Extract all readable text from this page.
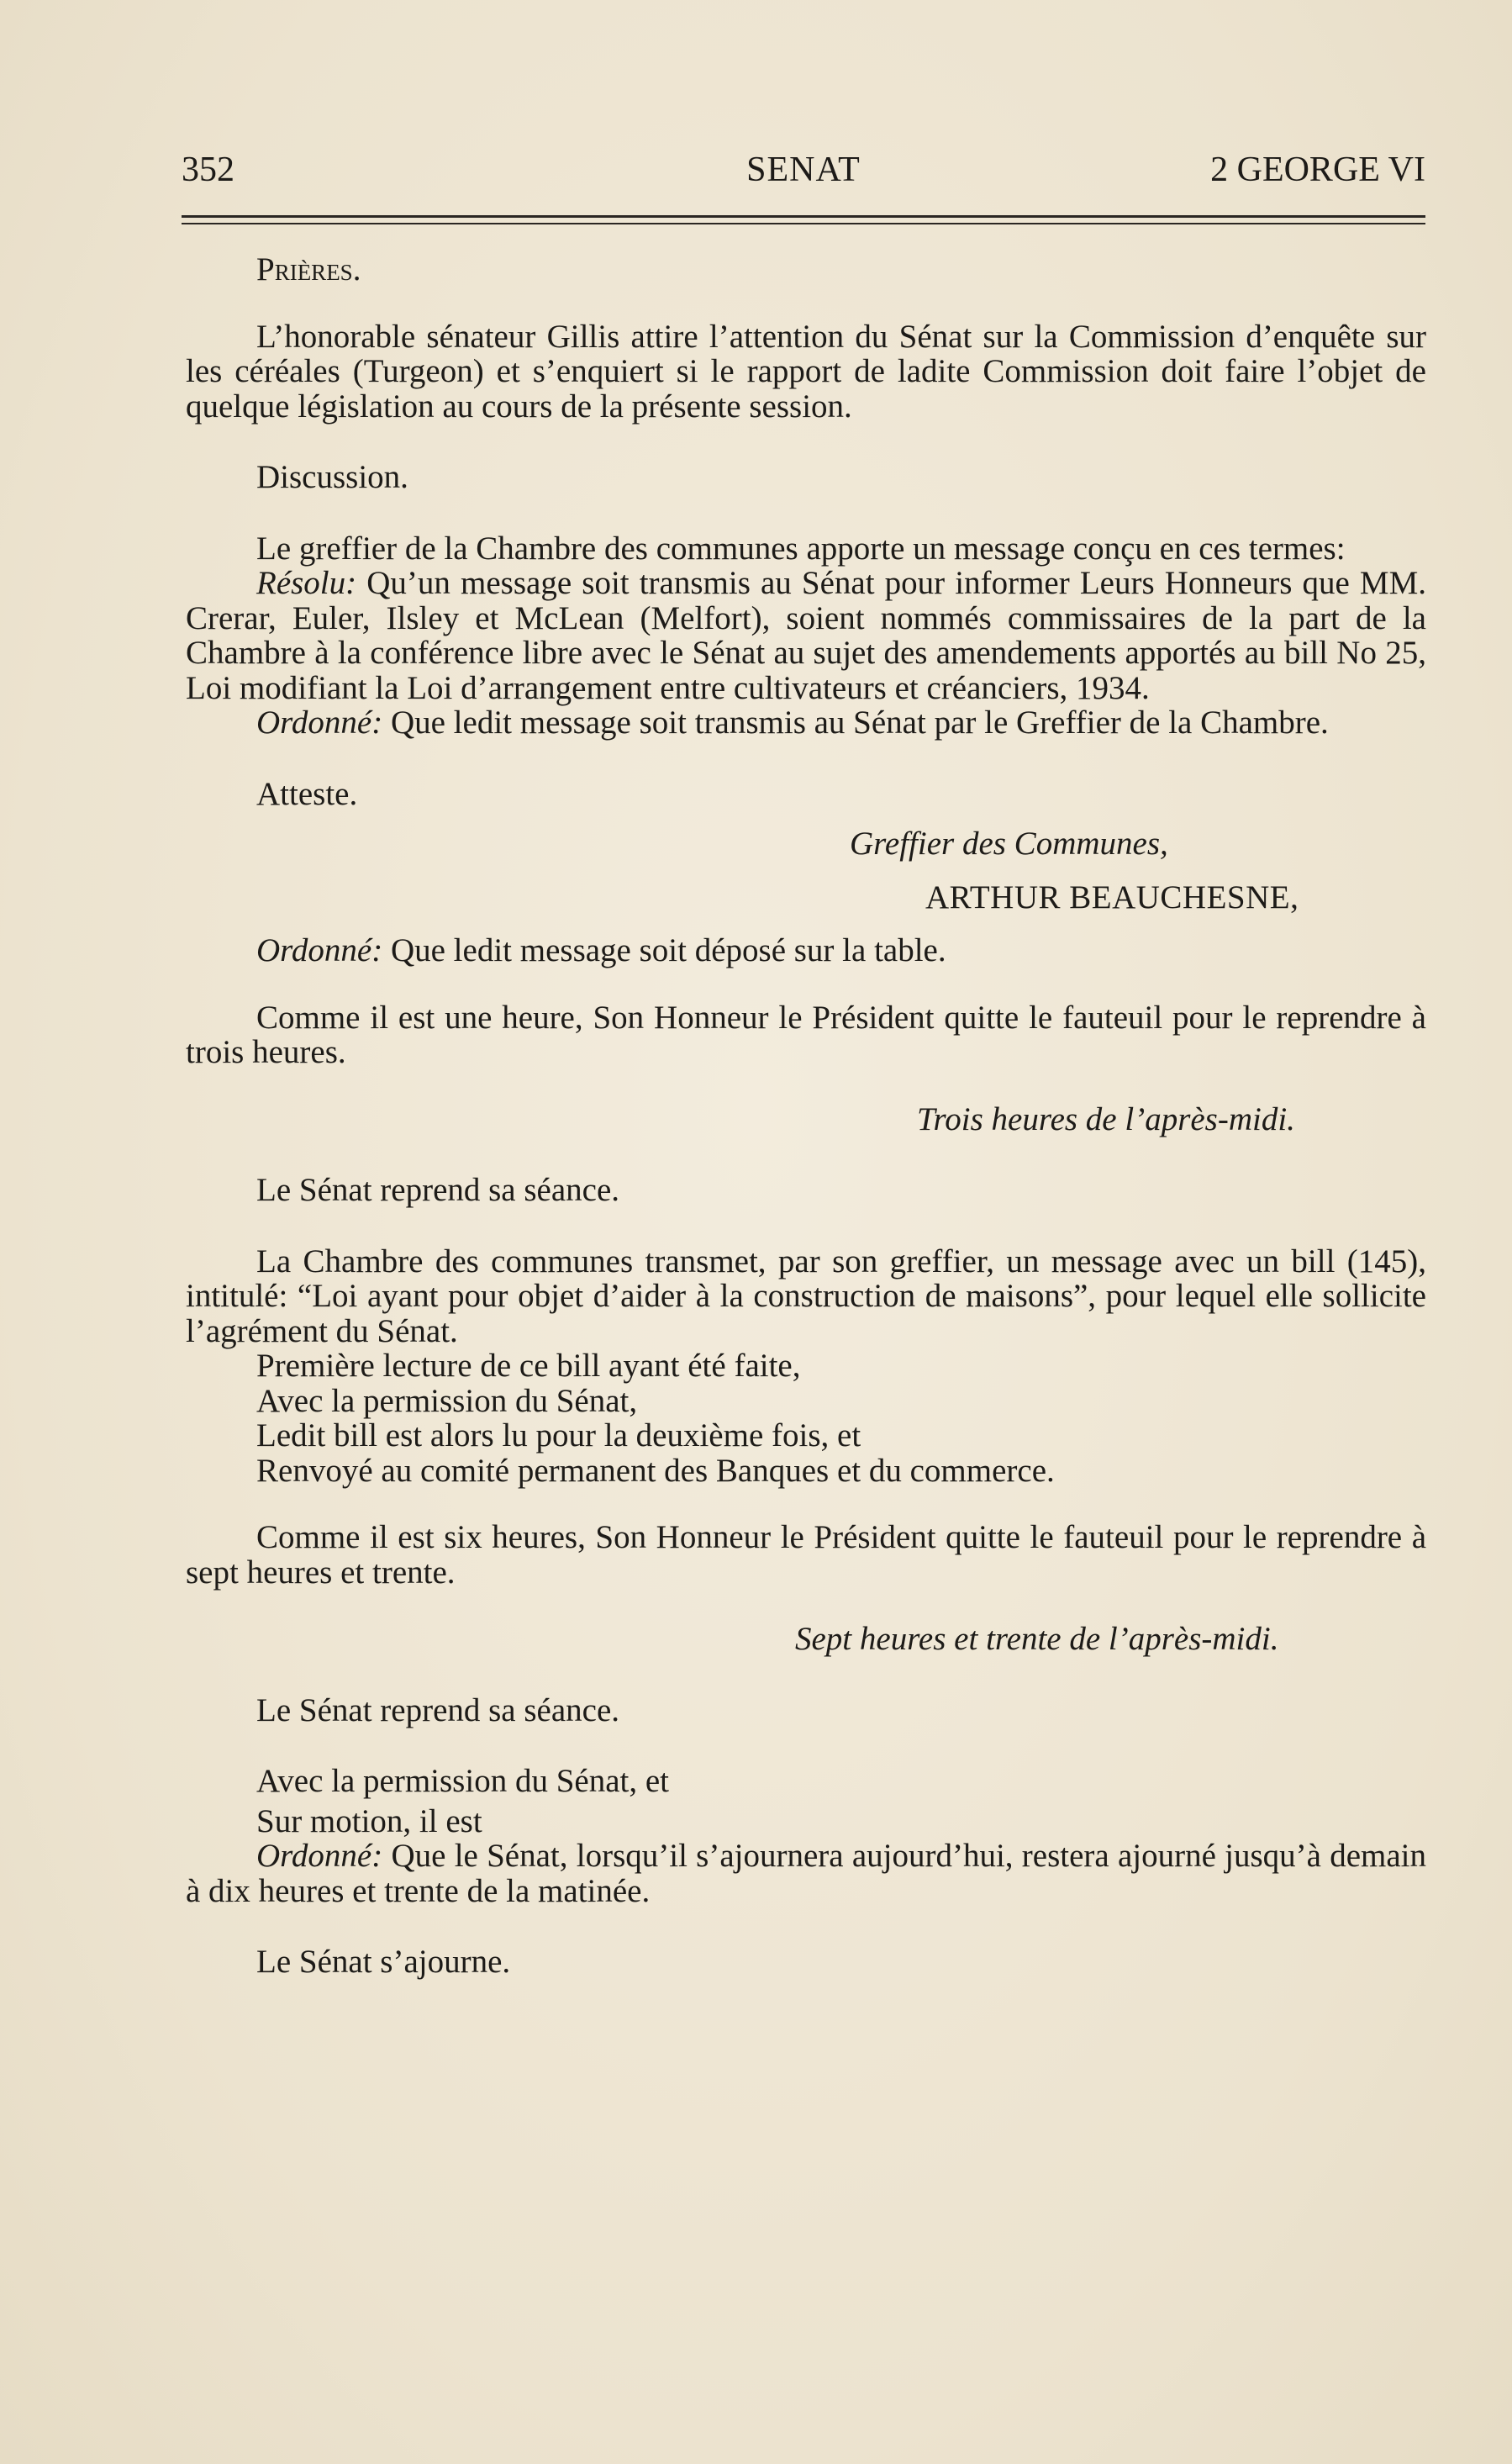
352	SENAT	2 GEORGE VI

Prières.

L’honorable sénateur Gillis attire l’attention du Sénat sur la Commission d’enquête sur les céréales (Turgeon) et s’enquiert si le rapport de ladite Commission doit faire l’objet de quelque législation au cours de la présente session.

Discussion.

Le greffier de la Chambre des communes apporte un message conçu en ces termes:

Résolu: Qu’un message soit transmis au Sénat pour informer Leurs Honneurs que MM. Crerar, Euler, Ilsley et McLean (Melfort), soient nommés commissaires de la part de la Chambre à la conférence libre avec le Sénat au sujet des amendements apportés au bill No 25, Loi modifiant la Loi d’arrangement entre cultivateurs et créanciers, 1934.

Ordonné: Que ledit message soit transmis au Sénat par le Greffier de la Chambre.

Atteste.

Greffier des Communes,

ARTHUR BEAUCHESNE,

Ordonné: Que ledit message soit déposé sur la table.

Comme il est une heure, Son Honneur le Président quitte le fauteuil pour le reprendre à trois heures.

Trois heures de l’après-midi.

Le Sénat reprend sa séance.

La Chambre des communes transmet, par son greffier, un message avec un bill (145), intitulé: “Loi ayant pour objet d’aider à la construction de maisons”, pour lequel elle sollicite l’agrément du Sénat.

Première lecture de ce bill ayant été faite,

Avec la permission du Sénat,

Ledit bill est alors lu pour la deuxième fois, et

Renvoyé au comité permanent des Banques et du commerce.

Comme il est six heures, Son Honneur le Président quitte le fauteuil pour le reprendre à sept heures et trente.

Sept heures et trente de l’après-midi.

Le Sénat reprend sa séance.

Avec la permission du Sénat, et

Sur motion, il est

Ordonné: Que le Sénat, lorsqu’il s’ajournera aujourd’hui, restera ajourné jusqu’à demain à dix heures et trente de la matinée.

Le Sénat s’ajourne.
